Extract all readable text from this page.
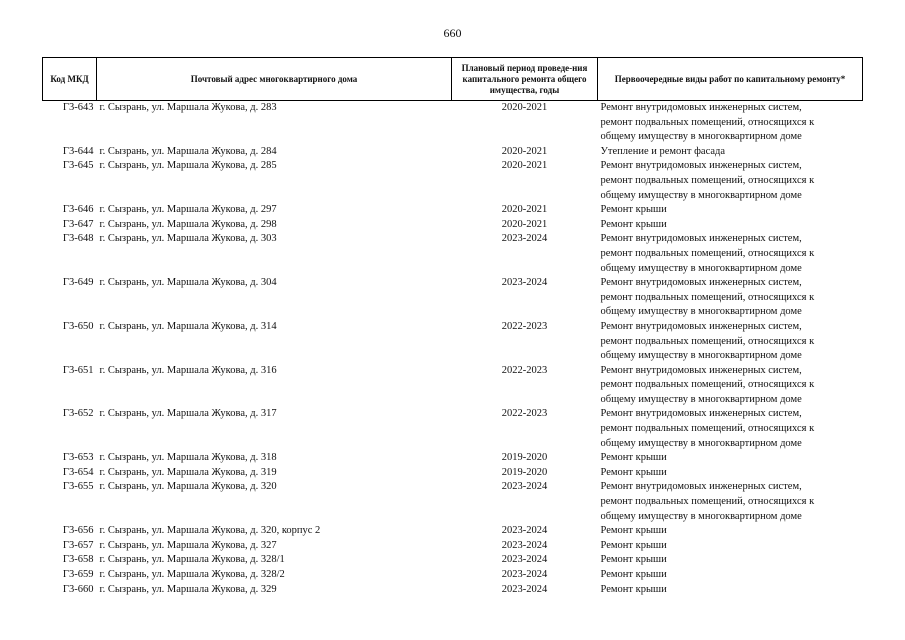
660
Код МКД	Почтовый адрес многоквартирного дома	Плановый период проведе-ния капитального ремонта общего имущества, годы	Первоочередные виды работ по капитальному ремонту*
Г3-643	г. Сызрань, ул. Маршала Жукова, д. 283	2020-2021	Ремонт внутридомовых инженерных систем,
ремонт подвальных помещений, относящихся к
общему имуществу в многоквартирном доме

Г3-644	г. Сызрань, ул. Маршала Жукова, д. 284	2020-2021	Утепление и ремонт фасада

Г3-645	г. Сызрань, ул. Маршала Жукова, д. 285	2020-2021	Ремонт внутридомовых инженерных систем,
ремонт подвальных помещений, относящихся к
общему имуществу в многоквартирном доме

Г3-646	г. Сызрань, ул. Маршала Жукова, д. 297	2020-2021	Ремонт крыши

Г3-647	г. Сызрань, ул. Маршала Жукова, д. 298	2020-2021	Ремонт крыши

Г3-648	г. Сызрань, ул. Маршала Жукова, д. 303	2023-2024	Ремонт внутридомовых инженерных систем,
ремонт подвальных помещений, относящихся к
общему имуществу в многоквартирном доме

Г3-649	г. Сызрань, ул. Маршала Жукова, д. 304	2023-2024	Ремонт внутридомовых инженерных систем,
ремонт подвальных помещений, относящихся к
общему имуществу в многоквартирном доме

Г3-650	г. Сызрань, ул. Маршала Жукова, д. 314	2022-2023	Ремонт внутридомовых инженерных систем,
ремонт подвальных помещений, относящихся к
общему имуществу в многоквартирном доме

Г3-651	г. Сызрань, ул. Маршала Жукова, д. 316	2022-2023	Ремонт внутридомовых инженерных систем,
ремонт подвальных помещений, относящихся к
общему имуществу в многоквартирном доме

Г3-652	г. Сызрань, ул. Маршала Жукова, д. 317	2022-2023	Ремонт внутридомовых инженерных систем,
ремонт подвальных помещений, относящихся к
общему имуществу в многоквартирном доме

Г3-653	г. Сызрань, ул. Маршала Жукова, д. 318	2019-2020	Ремонт крыши

Г3-654	г. Сызрань, ул. Маршала Жукова, д. 319	2019-2020	Ремонт крыши

Г3-655	г. Сызрань, ул. Маршала Жукова, д. 320	2023-2024	Ремонт внутридомовых инженерных систем,
ремонт подвальных помещений, относящихся к
общему имуществу в многоквартирном доме

Г3-656	г. Сызрань, ул. Маршала Жукова, д. 320, корпус 2	2023-2024	Ремонт крыши

Г3-657	г. Сызрань, ул. Маршала Жукова, д. 327	2023-2024	Ремонт крыши

Г3-658	г. Сызрань, ул. Маршала Жукова, д. 328/1	2023-2024	Ремонт крыши

Г3-659	г. Сызрань, ул. Маршала Жукова, д. 328/2	2023-2024	Ремонт крыши

Г3-660	г. Сызрань, ул. Маршала Жукова, д. 329	2023-2024	Ремонт крыши
